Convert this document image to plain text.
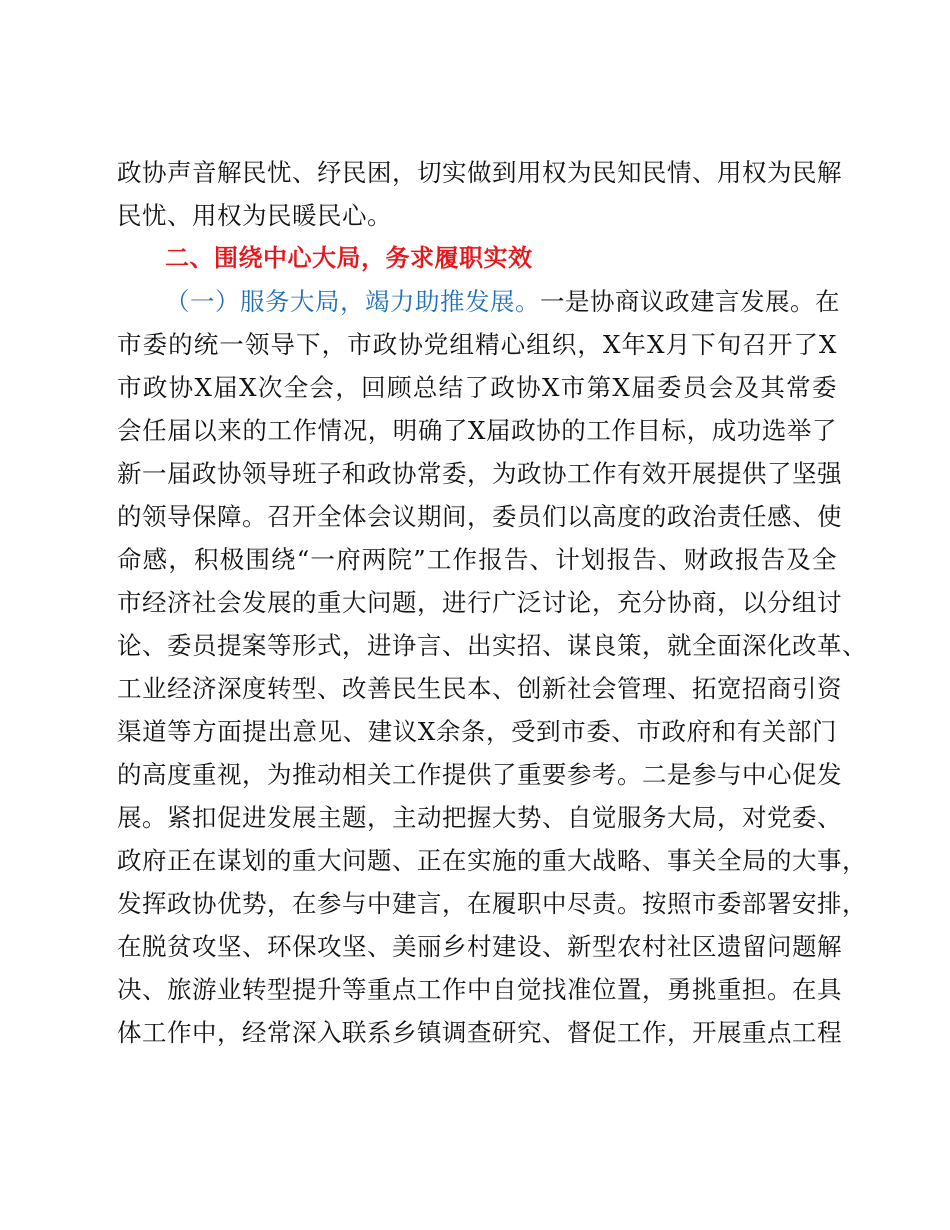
政协声音解民忧、纾民困，切实做到用权为民知民情、用权为民解
民忧、用权为民暖民心。
二、围绕中心大局，务求履职实效
（一）服务大局，竭力助推发展。一是协商议政建言发展。在
市委的统一领导下，市政协党组精心组织，X年X月下旬召开了X
市政协X届X次全会，回顾总结了政协X市第X届委员会及其常委
会任届以来的工作情况，明确了X届政协的工作目标，成功选举了
新一届政协领导班子和政协常委，为政协工作有效开展提供了坚强
的领导保障。召开全体会议期间，委员们以高度的政治责任感、使
命感，积极围绕“一府两院”工作报告、计划报告、财政报告及全
市经济社会发展的重大问题，进行广泛讨论，充分协商，以分组讨
论、委员提案等形式，进诤言、出实招、谋良策，就全面深化改革、
工业经济深度转型、改善民生民本、创新社会管理、拓宽招商引资
渠道等方面提出意见、建议X余条，受到市委、市政府和有关部门
的高度重视，为推动相关工作提供了重要参考。二是参与中心促发
展。紧扣促进发展主题，主动把握大势、自觉服务大局，对党委、
政府正在谋划的重大问题、正在实施的重大战略、事关全局的大事，
发挥政协优势，在参与中建言，在履职中尽责。按照市委部署安排，
在脱贫攻坚、环保攻坚、美丽乡村建设、新型农村社区遗留问题解
决、旅游业转型提升等重点工作中自觉找准位置，勇挑重担。在具
体工作中，经常深入联系乡镇调查研究、督促工作，开展重点工程
